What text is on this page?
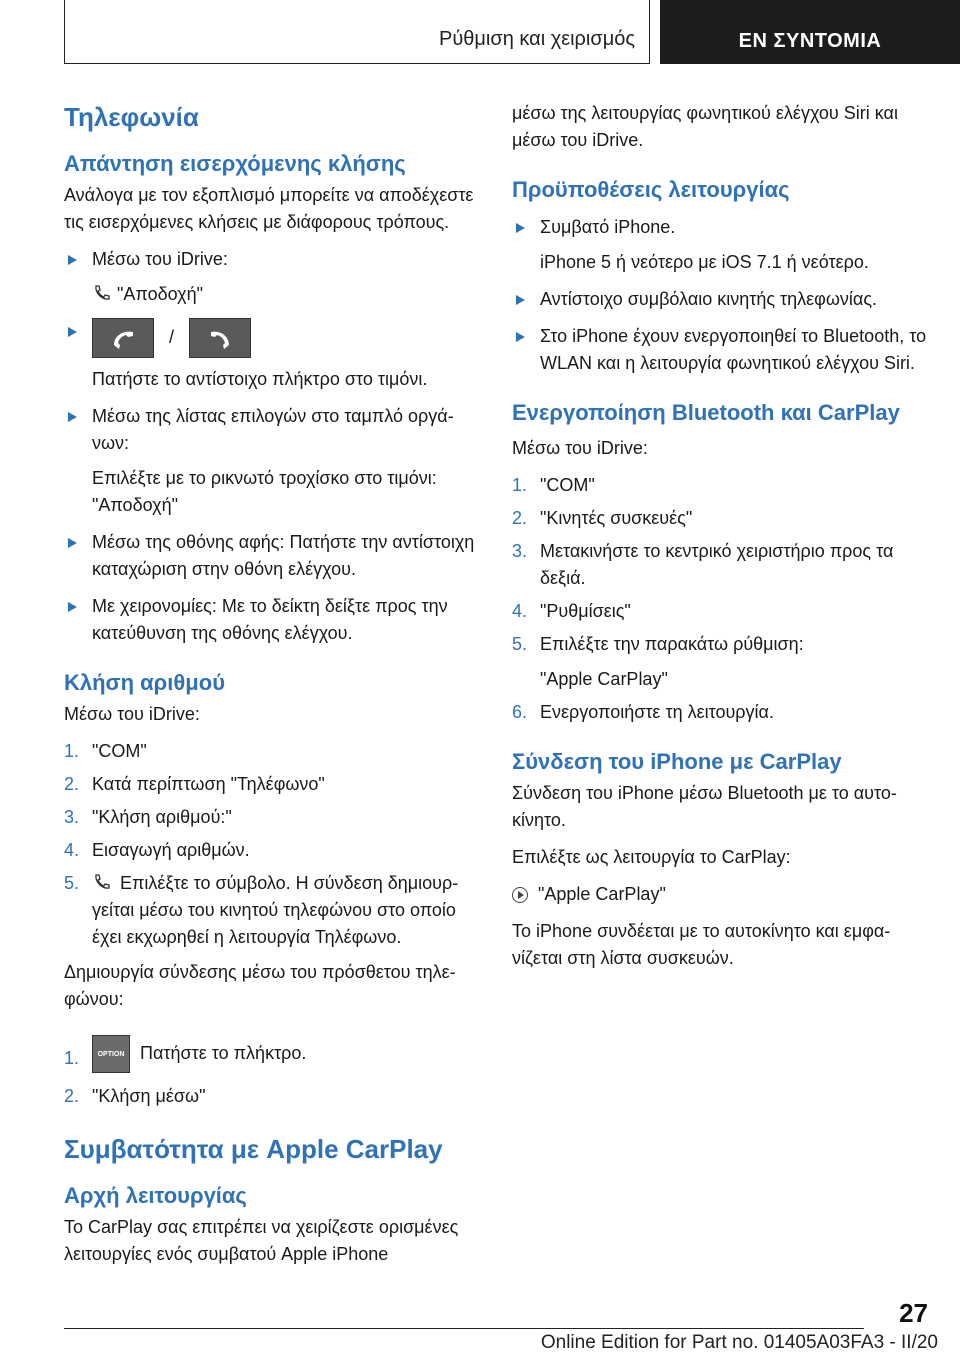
Ρύθμιση και χειρισμός	ΕΝ ΣΥΝΤΟΜΙΑ
Τηλεφωνία
Απάντηση εισερχόμενης κλήσης

Ανάλογα με τον εξοπλισμό μπορείτε να αποδέχεστε τις εισερχόμενες κλήσεις με διάφορους τρόπους.

Μέσω του iDrive:
"Αποδοχή"
/
Πατήστε το αντίστοιχο πλήκτρο στο τιμόνι.
Μέσω της λίστας επιλογών στο ταμπλό οργάνων:
Επιλέξτε με το ρικνωτό τροχίσκο στο τιμόνι: "Αποδοχή"
Μέσω της οθόνης αφής: Πατήστε την αντίστοιχη καταχώριση στην οθόνη ελέγχου.
Με χειρονομίες: Με το δείκτη δείξτε προς την κατεύθυνση της οθόνης ελέγχου.
Κλήση αριθμού

Μέσω του iDrive:

1. "COM"
2. Κατά περίπτωση "Τηλέφωνο"
3. "Κλήση αριθμού:"
4. Εισαγωγή αριθμών.
5. Επιλέξτε το σύμβολο. Η σύνδεση δημιουργείται μέσω του κινητού τηλεφώνου στο οποίο έχει εκχωρηθεί η λειτουργία Τηλέφωνο.

Δημιουργία σύνδεσης μέσω του πρόσθετου τηλεφώνου:

1.	OPTION Πατήστε το πλήκτρο.
2. "Κλήση μέσω"
Συμβατότητα με Apple CarPlay
Αρχή λειτουργίας

Το CarPlay σας επιτρέπει να χειρίζεστε ορισμένες λειτουργίες ενός συμβατού Apple iPhone

μέσω της λειτουργίας φωνητικού ελέγχου Siri και μέσω του iDrive.

Προϋποθέσεις λειτουργίας
Συμβατό iPhone.
iPhone 5 ή νεότερο με iOS 7.1 ή νεότερο.
Αντίστοιχο συμβόλαιο κινητής τηλεφωνίας.
Στο iPhone έχουν ενεργοποιηθεί το Bluetooth, το WLAN και η λειτουργία φωνητικού ελέγχου Siri.
Ενεργοποίηση Bluetooth και CarPlay

Μέσω του iDrive:

1. "COM"
2. "Κινητές συσκευές"
3. Μετακινήστε το κεντρικό χειριστήριο προς τα δεξιά.
4. "Ρυθμίσεις"
5. Επιλέξτε την παρακάτω ρύθμιση:
"Apple CarPlay"
6. Ενεργοποιήστε τη λειτουργία.
Σύνδεση του iPhone με CarPlay

Σύνδεση του iPhone μέσω Bluetooth με το αυτοκίνητο.

Επιλέξτε ως λειτουργία το CarPlay:

"Apple CarPlay"

Το iPhone συνδέεται με το αυτοκίνητο και εμφανίζεται στη λίστα συσκευών.

27
Online Edition for Part no. 01405A03FA3 - II/20
